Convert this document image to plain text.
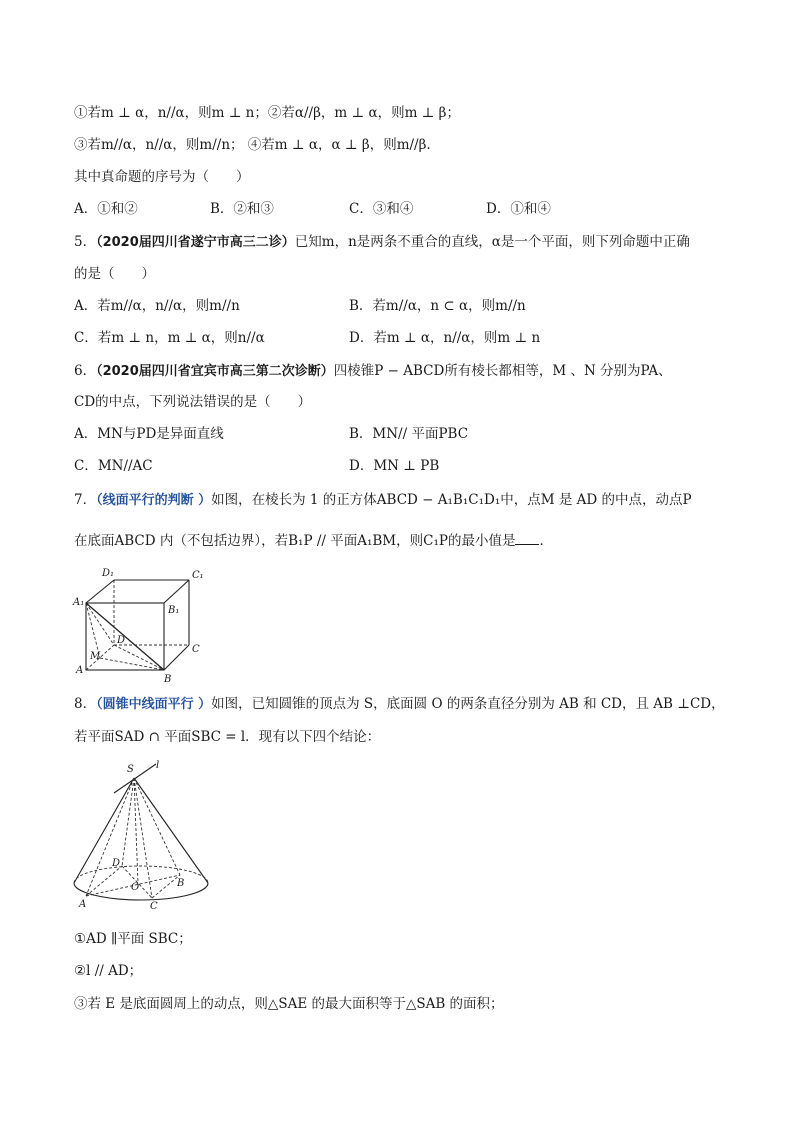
①若m ⊥ α，n//α，则m ⊥ n；②若α//β，m ⊥ α，则m ⊥ β；
③若m//α，n//α，则m//n； ④若m ⊥ α，α ⊥ β，则m//β.
其中真命题的序号为（　　）
A．①和②	B．②和③	C．③和④	D．①和④
5．（2020届四川省遂宁市高三二诊）已知m，n是两条不重合的直线，α是一个平面，则下列命题中正确
的是（　　）
A．若m//α，n//α，则m//n	B．若m//α，n ⊂ α，则m//n
C．若m ⊥ n，m ⊥ α，则n//α	D．若m ⊥ α，n//α，则m ⊥ n
6．（2020届四川省宜宾市高三第二次诊断）四棱锥P − ABCD所有棱长都相等，M 、N 分别为PA、
CD的中点，下列说法错误的是（　　）
A．MN与PD是异面直线	B．MN// 平面PBC
C．MN//AC	D．MN ⊥ PB
7．（线面平行的判断 ）如图，在棱长为 1 的正方体ABCD − A₁B₁C₁D₁中，点M 是 AD 的中点，动点P
在底面ABCD 内（不包括边界），若B₁P // 平面A₁BM，则C₁P的最小值是 ．
D₁	C₁
A₁
B₁
D
C
M
A
B
8．（圆锥中线面平行 ）如图，已知圆锥的顶点为 S，底面圆 O 的两条直径分别为 AB 和 CD，且 AB ⊥CD，
若平面SAD ∩ 平面SBC = l．现有以下四个结论：
S l
D
O	B
A	C
①AD ∥平面 SBC；
②l // AD；
③若 E 是底面圆周上的动点，则△SAE 的最大面积等于△SAB 的面积；
